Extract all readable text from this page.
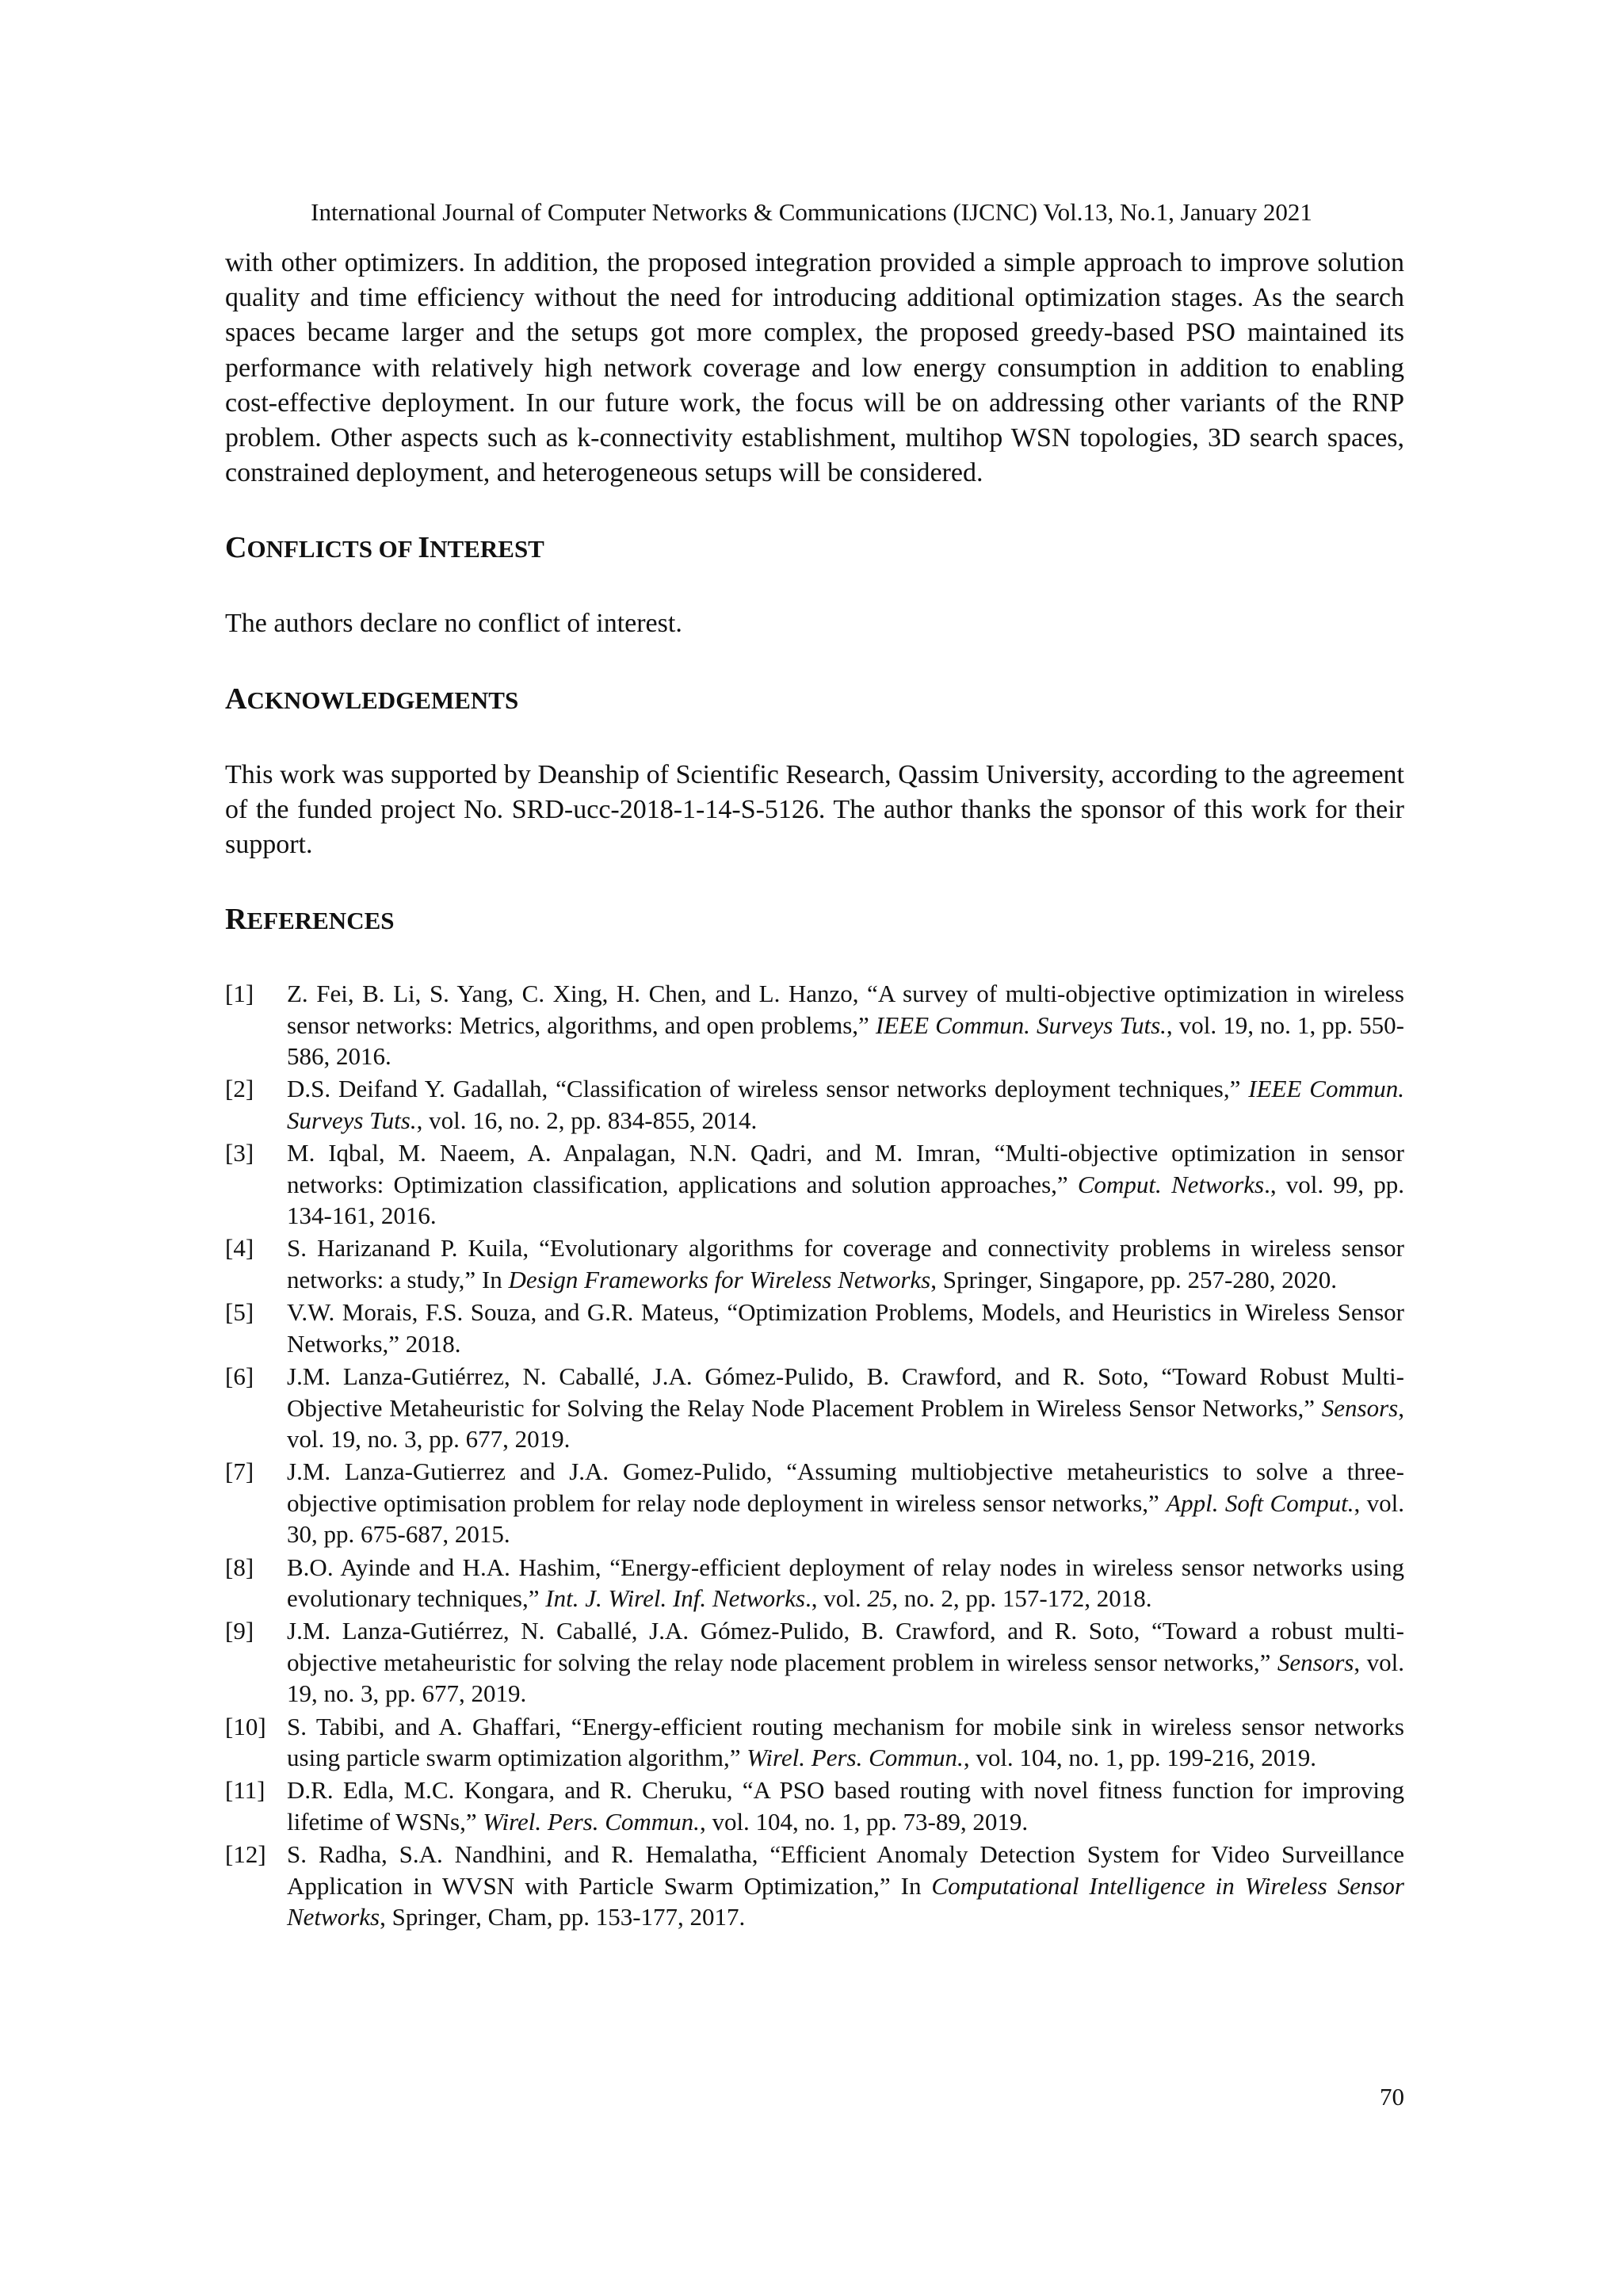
International Journal of Computer Networks & Communications (IJCNC) Vol.13, No.1, January 2021

with other optimizers. In addition, the proposed integration provided a simple approach to improve solution quality and time efficiency without the need for introducing additional optimization stages. As the search spaces became larger and the setups got more complex, the proposed greedy-based PSO maintained its performance with relatively high network coverage and low energy consumption in addition to enabling cost-effective deployment. In our future work, the focus will be on addressing other variants of the RNP problem. Other aspects such as k-connectivity establishment, multihop WSN topologies, 3D search spaces, constrained deployment, and heterogeneous setups will be considered.

CONFLICTS OF INTEREST

The authors declare no conflict of interest.

ACKNOWLEDGEMENTS

This work was supported by Deanship of Scientific Research, Qassim University, according to the agreement of the funded project No. SRD-ucc-2018-1-14-S-5126. The author thanks the sponsor of this work for their support.

REFERENCES
[1] Z. Fei, B. Li, S. Yang, C. Xing, H. Chen, and L. Hanzo, “A survey of multi-objective optimization in wireless sensor networks: Metrics, algorithms, and open problems,” IEEE Commun. Surveys Tuts., vol. 19, no. 1, pp. 550-586, 2016.
[2] D.S. Deifand Y. Gadallah, “Classification of wireless sensor networks deployment techniques,” IEEE Commun. Surveys Tuts., vol. 16, no. 2, pp. 834-855, 2014.
[3] M. Iqbal, M. Naeem, A. Anpalagan, N.N. Qadri, and M. Imran, “Multi-objective optimization in sensor networks: Optimization classification, applications and solution approaches,” Comput. Networks., vol. 99, pp. 134-161, 2016.
[4] S. Harizanand P. Kuila, “Evolutionary algorithms for coverage and connectivity problems in wireless sensor networks: a study,” In Design Frameworks for Wireless Networks, Springer, Singapore, pp. 257-280, 2020.
[5] V.W. Morais, F.S. Souza, and G.R. Mateus, “Optimization Problems, Models, and Heuristics in Wireless Sensor Networks,” 2018.
[6] J.M. Lanza-Gutiérrez, N. Caballé, J.A. Gómez-Pulido, B. Crawford, and R. Soto, “Toward Robust Multi-Objective Metaheuristic for Solving the Relay Node Placement Problem in Wireless Sensor Networks,” Sensors, vol. 19, no. 3, pp. 677, 2019.
[7] J.M. Lanza-Gutierrez and J.A. Gomez-Pulido, “Assuming multiobjective metaheuristics to solve a three-objective optimisation problem for relay node deployment in wireless sensor networks,” Appl. Soft Comput., vol. 30, pp. 675-687, 2015.
[8] B.O. Ayinde and H.A. Hashim, “Energy-efficient deployment of relay nodes in wireless sensor networks using evolutionary techniques,” Int. J. Wirel. Inf. Networks., vol. 25, no. 2, pp. 157-172, 2018.
[9] J.M. Lanza-Gutiérrez, N. Caballé, J.A. Gómez-Pulido, B. Crawford, and R. Soto, “Toward a robust multi-objective metaheuristic for solving the relay node placement problem in wireless sensor networks,” Sensors, vol. 19, no. 3, pp. 677, 2019.
[10] S. Tabibi, and A. Ghaffari, “Energy-efficient routing mechanism for mobile sink in wireless sensor networks using particle swarm optimization algorithm,” Wirel. Pers. Commun., vol. 104, no. 1, pp. 199-216, 2019.
[11] D.R. Edla, M.C. Kongara, and R. Cheruku, “A PSO based routing with novel fitness function for improving lifetime of WSNs,” Wirel. Pers. Commun., vol. 104, no. 1, pp. 73-89, 2019.
[12] S. Radha, S.A. Nandhini, and R. Hemalatha, “Efficient Anomaly Detection System for Video Surveillance Application in WVSN with Particle Swarm Optimization,” In Computational Intelligence in Wireless Sensor Networks, Springer, Cham, pp. 153-177, 2017.
70
